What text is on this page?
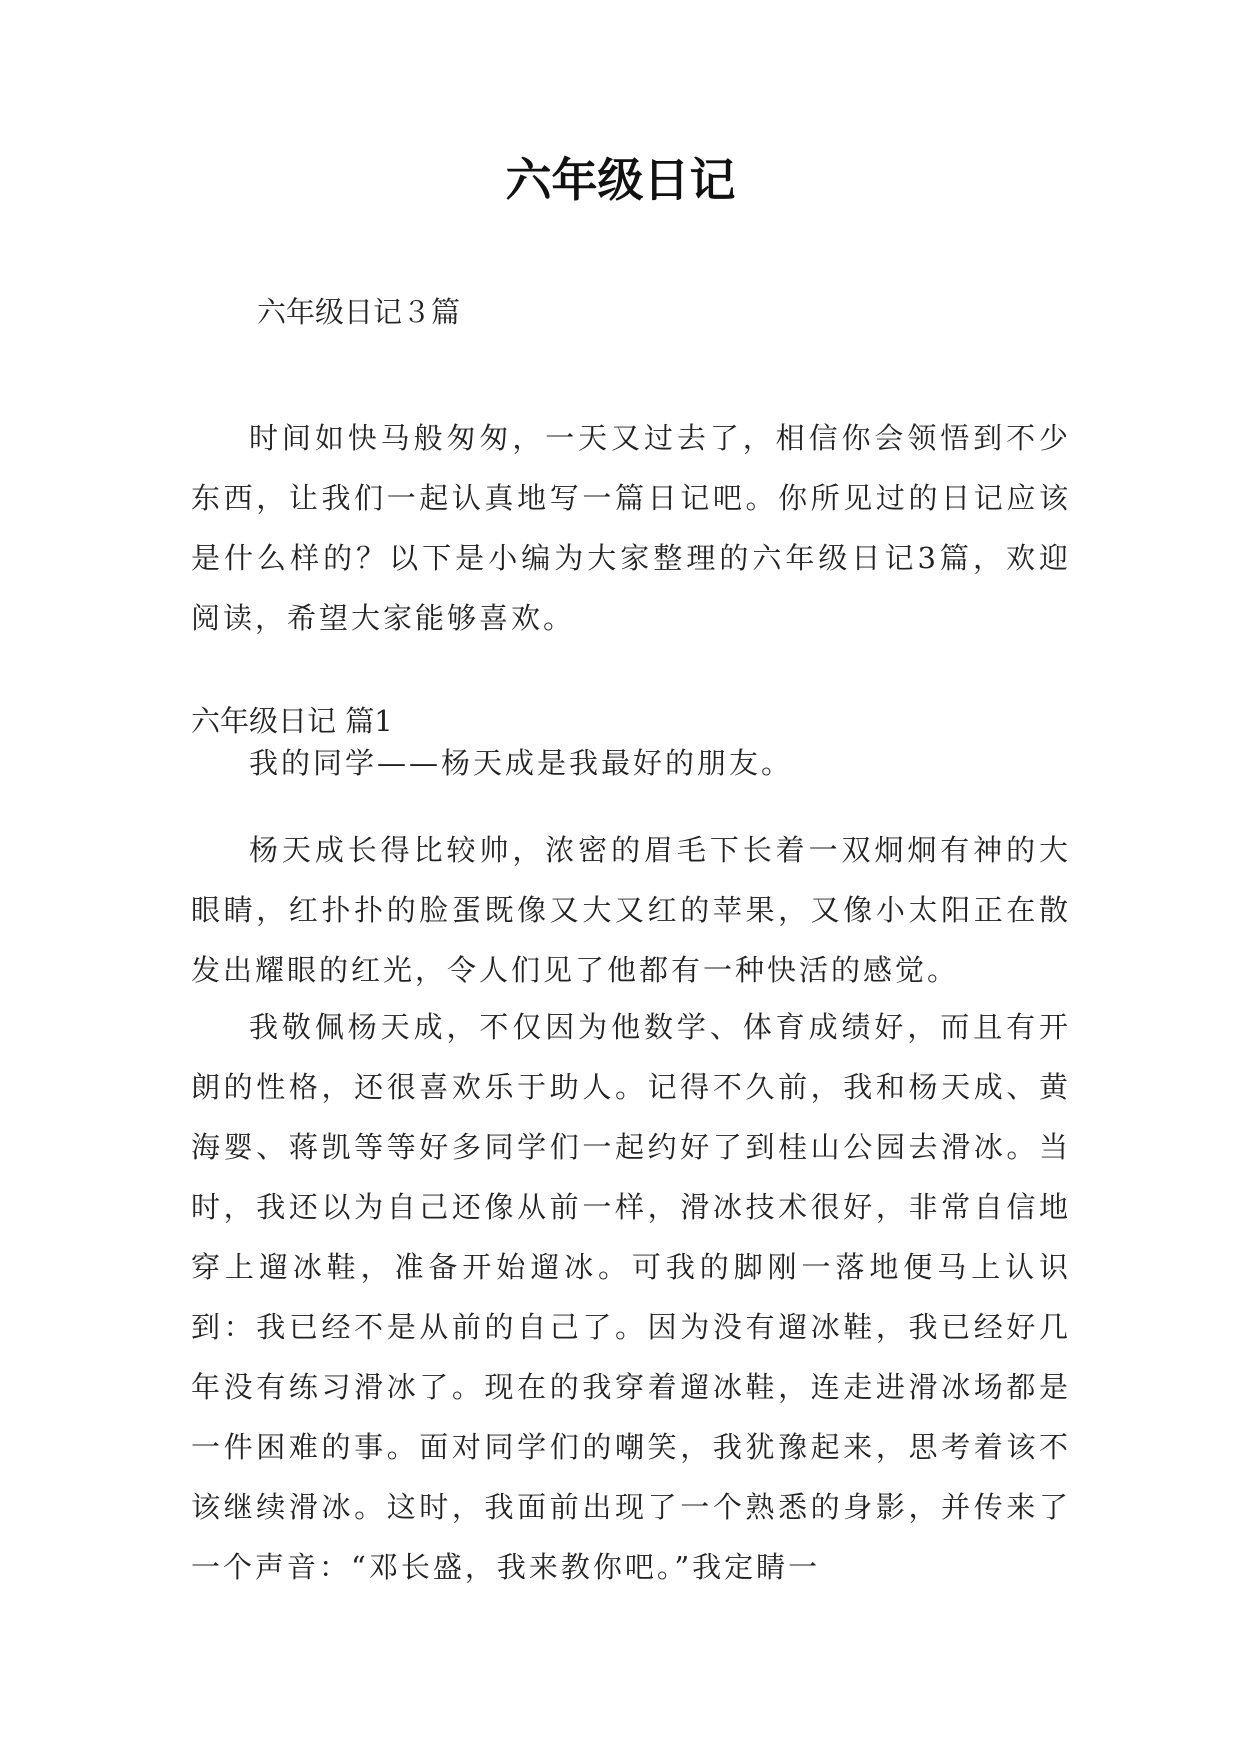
六年级日记

六年级日记３篇

时间如快马般匆匆，一天又过去了，相信你会领悟到不少东西，让我们一起认真地写一篇日记吧。你所见过的日记应该是什么样的？以下是小编为大家整理的六年级日记3篇，欢迎阅读，希望大家能够喜欢。

六年级日记 篇1

我的同学——杨天成是我最好的朋友。

杨天成长得比较帅，浓密的眉毛下长着一双炯炯有神的大眼睛，红扑扑的脸蛋既像又大又红的苹果，又像小太阳正在散发出耀眼的红光，令人们见了他都有一种快活的感觉。

我敬佩杨天成，不仅因为他数学、体育成绩好，而且有开朗的性格，还很喜欢乐于助人。记得不久前，我和杨天成、黄海婴、蒋凯等等好多同学们一起约好了到桂山公园去滑冰。当时，我还以为自己还像从前一样，滑冰技术很好，非常自信地穿上遛冰鞋，准备开始遛冰。可我的脚刚一落地便马上认识到：我已经不是从前的自己了。因为没有遛冰鞋，我已经好几年没有练习滑冰了。现在的我穿着遛冰鞋，连走进滑冰场都是一件困难的事。面对同学们的嘲笑，我犹豫起来，思考着该不该继续滑冰。这时，我面前出现了一个熟悉的身影，并传来了一个声音：“邓长盛，我来教你吧。”我定睛一
